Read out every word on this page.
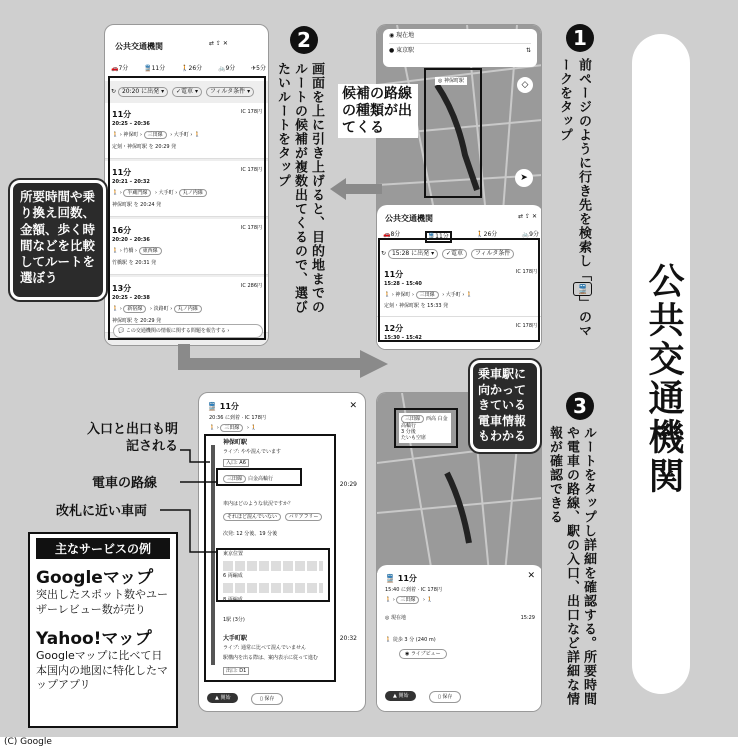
公共交通機関
公共交通機関	⇄ ⇪ ✕
🚗7分	🚆11分	🚶26分	🚲9分	✈5分
↻ 20:20 に出発 ▾ ✓電車 ▾ フィルタ条件 ▾
11分	IC 178円
20:25 – 20:36
🚶 › 神保町 › 三田線 › 大手町 › 🚶
定刻・神保町駅 を 20:29 発
11分	IC 178円
20:21 – 20:32
🚶 › 半蔵門線 › 大手町 › 丸ノ内線
神保町駅 を 20:24 発
16分	IC 178円
20:20 – 20:36
🚶 › 竹橋 › 東西線
竹橋駅 を 20:31 発
13分	IC 286円
20:25 – 20:38
🚶 › 新宿線 › 淡路町 › 丸ノ内線
神保町駅 を 20:29 発
💬 この交通機関の情報に関する問題を報告する ›
所要時間や乗り換え回数、金額、歩く時間などを比較してルートを選ぼう
2
画面を上に引き上げると、目的地までのルートの候補が複数出てくるので、選びたいルートをタップ
◉ 現在地
● 東京駅	⇅
◎ 神保町駅	◇
➤
公共交通機関	⇄ ⇪ ✕
🚗8分	🚆11分	🚶26分	🚲9分
↻ 15:28 に出発 ▾ ✓電車 フィルタ条件
11分	IC 178円
15:28 – 15:40
🚶 › 神保町 › 三田線 › 大手町 › 🚶
定刻・神保町駅 を 15:33 発
12分	IC 178円
15:30 – 15:42
候補の路線の種類が出てくる
1
前ページのように行き先を検索し「🚆」のマークをタップ
🚆 11分	✕
20:36 に到着 · IC 178円
🚶 › 三田線 › 🚶
神保町駅
ライブ: やや混んでいます
入口: A6
三田線 白金高輪行
20:29
車内はどのような状況ですか？
それほど混んでいない バリアフリー
次発: 12 分後、19 分後
東京位置
6 両編成
8 両編成
1駅 (3分)
大手町駅	20:32
ライブ: 通常に比べて混んでいません
駅構内を出る際は、案内表示に従って進む
出口: D1
▲ 開始	▯ 保存
入口と出口も明記される
電車の路線
改札に近い車両
主なサービスの例
Googleマップ
突出したスポット数やユーザーレビュー数が売り
Yahoo!マップ
Googleマップに比べて日本国内の地図に特化したマップアプリ
三田線 西高 白金高輪行
3 分後
たいも空席
🚆 11分	✕
15:40 に到着 · IC 178円
🚶 › 三田線 › 🚶
◎ 現在地	15:29
🚶 徒歩 3 分 (240 m)
◉ ライブビュー
▲ 開始	▯ 保存
乗車駅に向かってきている電車情報もわかる
3
ルートをタップし詳細を確認する。所要時間や電車の路線、駅の入口、出口など詳細な情報が確認できる
(C) Google
